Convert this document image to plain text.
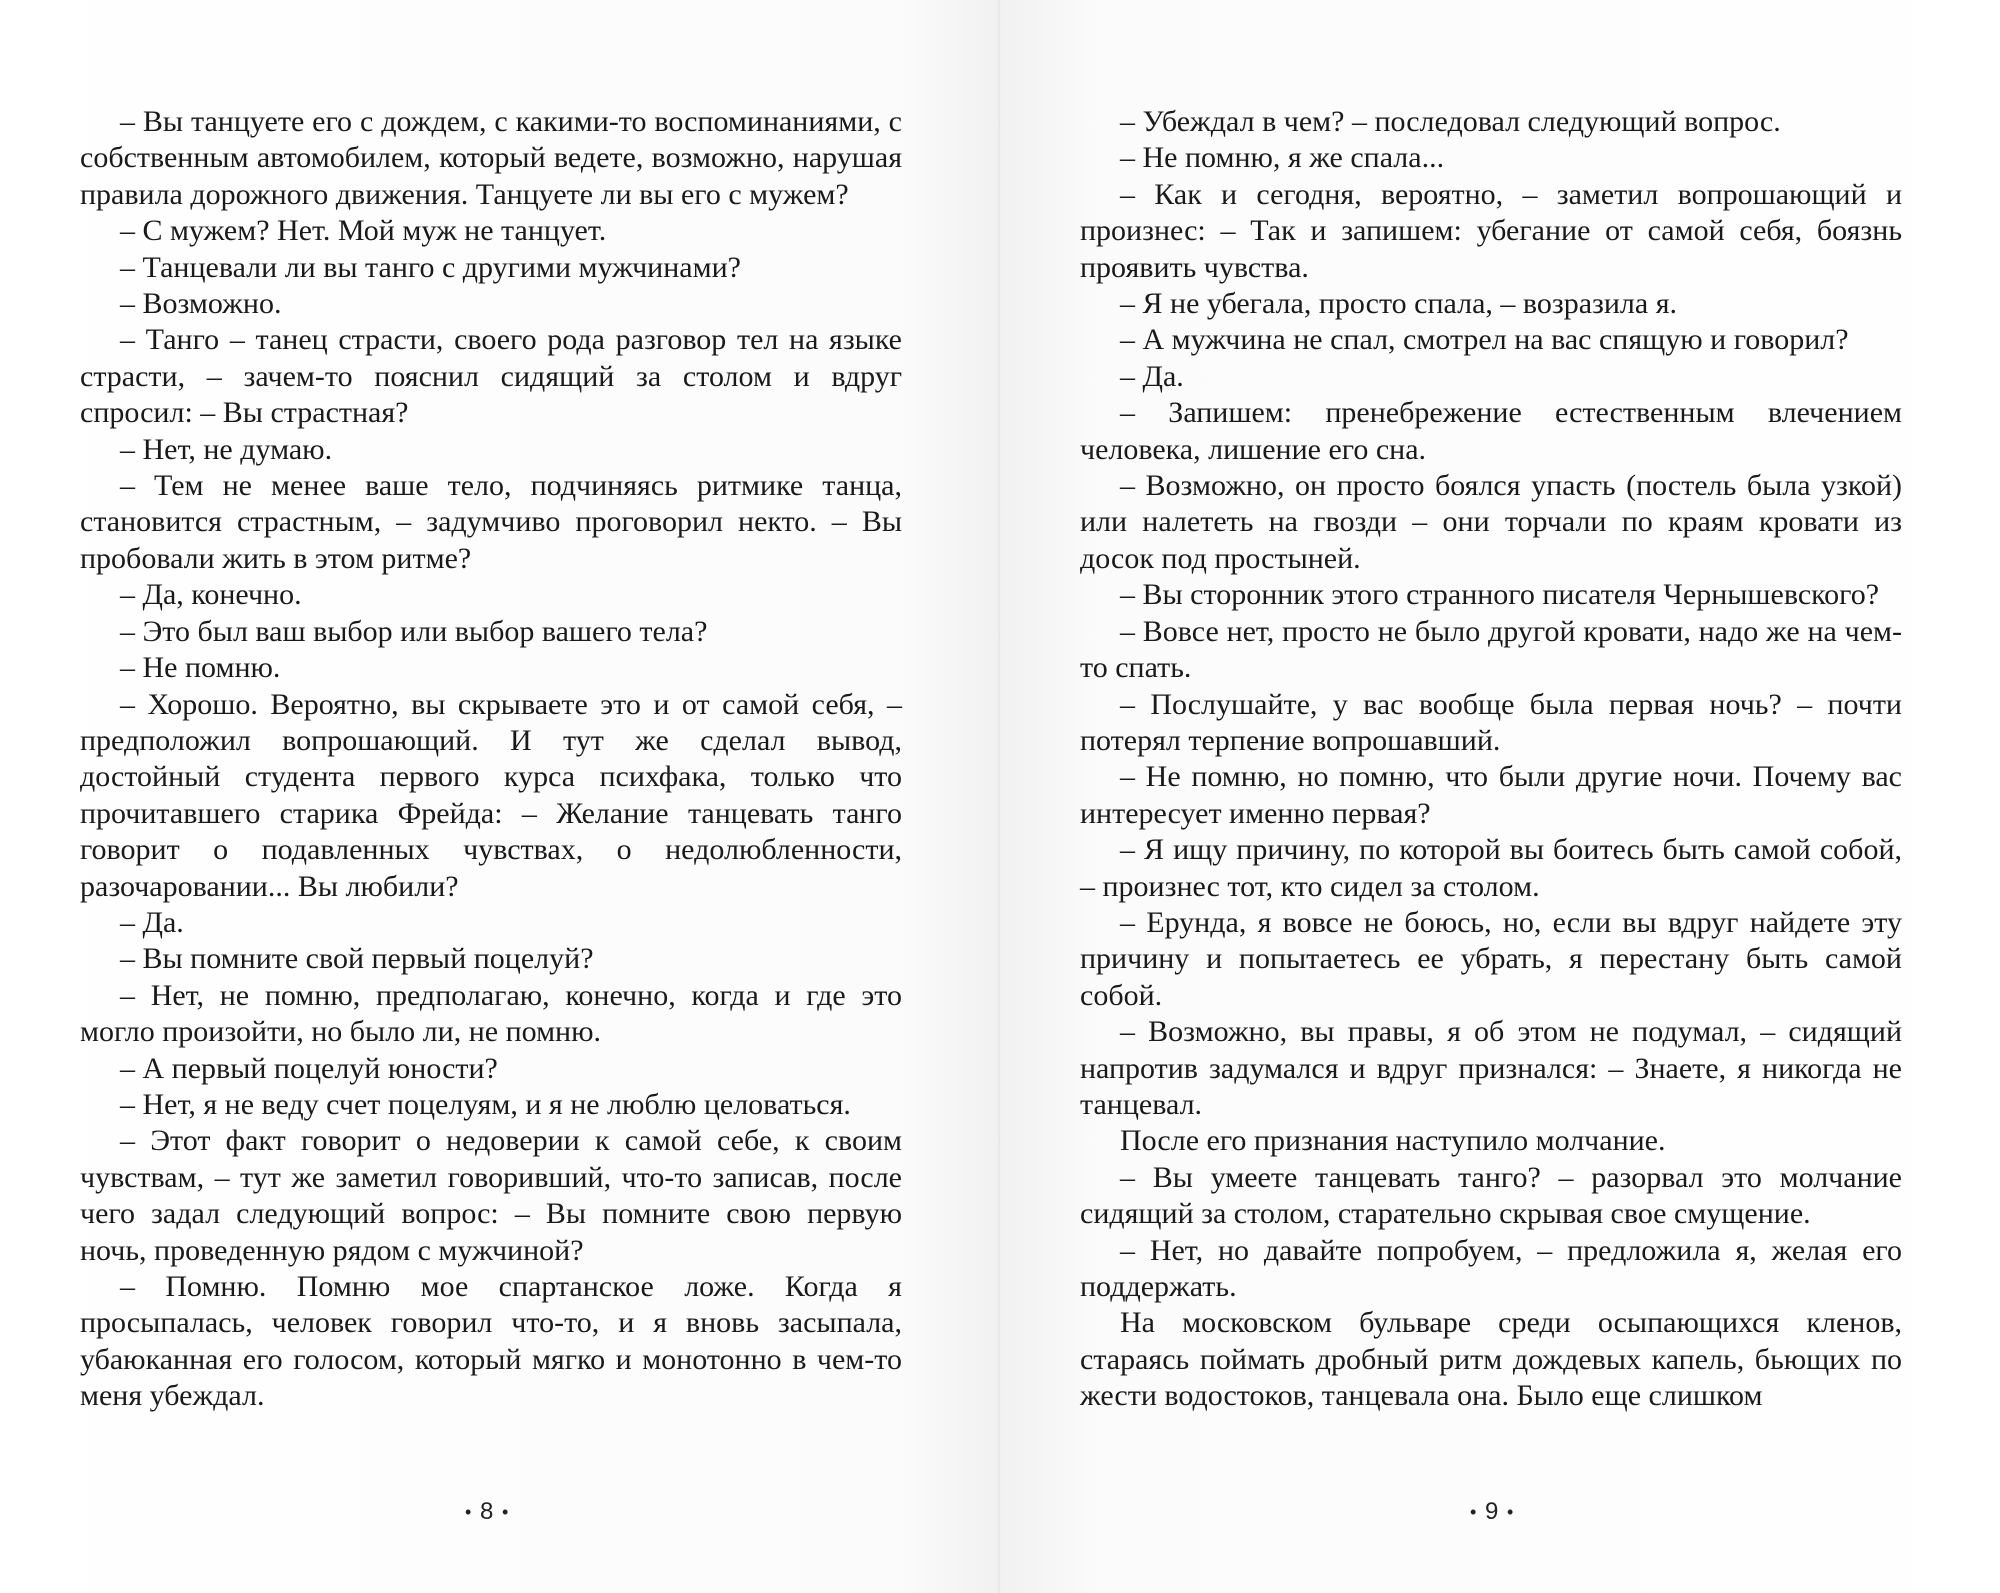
– Вы танцуете его с дождем, с какими-то воспоминаниями, с собственным автомобилем, который ведете, возможно, нарушая правила дорожного движения. Танцуете ли вы его с мужем?

– С мужем? Нет. Мой муж не танцует.

– Танцевали ли вы танго с другими мужчинами?

– Возможно.

– Танго – танец страсти, своего рода разговор тел на языке страсти, – зачем-то пояснил сидящий за столом и вдруг спросил: – Вы страстная?

– Нет, не думаю.

– Тем не менее ваше тело, подчиняясь ритмике танца, становится страстным, – задумчиво проговорил некто. – Вы пробовали жить в этом ритме?

– Да, конечно.

– Это был ваш выбор или выбор вашего тела?

– Не помню.

– Хорошо. Вероятно, вы скрываете это и от самой себя, – предположил вопрошающий. И тут же сделал вывод, достойный студента первого курса психфака, только что прочитавшего старика Фрейда: – Желание танцевать танго говорит о подавленных чувствах, о недолюбленности, разочаровании... Вы любили?

– Да.

– Вы помните свой первый поцелуй?

– Нет, не помню, предполагаю, конечно, когда и где это могло произойти, но было ли, не помню.

– А первый поцелуй юности?

– Нет, я не веду счет поцелуям, и я не люблю целоваться.

– Этот факт говорит о недоверии к самой себе, к своим чувствам, – тут же заметил говоривший, что-то записав, после чего задал следующий вопрос: – Вы помните свою первую ночь, проведенную рядом с мужчиной?

– Помню. Помню мое спартанское ложе. Когда я просыпалась, человек говорил что-то, и я вновь засыпала, убаюканная его голосом, который мягко и монотонно в чем-то меня убеждал.

• 8 •

– Убеждал в чем? – последовал следующий вопрос.

– Не помню, я же спала...

– Как и сегодня, вероятно, – заметил вопрошающий и произнес: – Так и запишем: убегание от самой себя, боязнь проявить чувства.

– Я не убегала, просто спала, – возразила я.

– А мужчина не спал, смотрел на вас спящую и говорил?

– Да.

– Запишем: пренебрежение естественным влечением человека, лишение его сна.

– Возможно, он просто боялся упасть (постель была узкой) или налететь на гвозди – они торчали по краям кровати из досок под простыней.

– Вы сторонник этого странного писателя Чернышевского?

– Вовсе нет, просто не было другой кровати, надо же на чем-то спать.

– Послушайте, у вас вообще была первая ночь? – почти потерял терпение вопрошавший.

– Не помню, но помню, что были другие ночи. Почему вас интересует именно первая?

– Я ищу причину, по которой вы боитесь быть самой собой, – произнес тот, кто сидел за столом.

– Ерунда, я вовсе не боюсь, но, если вы вдруг найдете эту причину и попытаетесь ее убрать, я перестану быть самой собой.

– Возможно, вы правы, я об этом не подумал, – сидящий напротив задумался и вдруг признался: – Знаете, я никогда не танцевал.

После его признания наступило молчание.

– Вы умеете танцевать танго? – разорвал это молчание сидящий за столом, старательно скрывая свое смущение.

– Нет, но давайте попробуем, – предложила я, желая его поддержать.

На московском бульваре среди осыпающихся кленов, стараясь поймать дробный ритм дождевых капель, бьющих по жести водостоков, танцевала она. Было еще слишком

• 9 •
